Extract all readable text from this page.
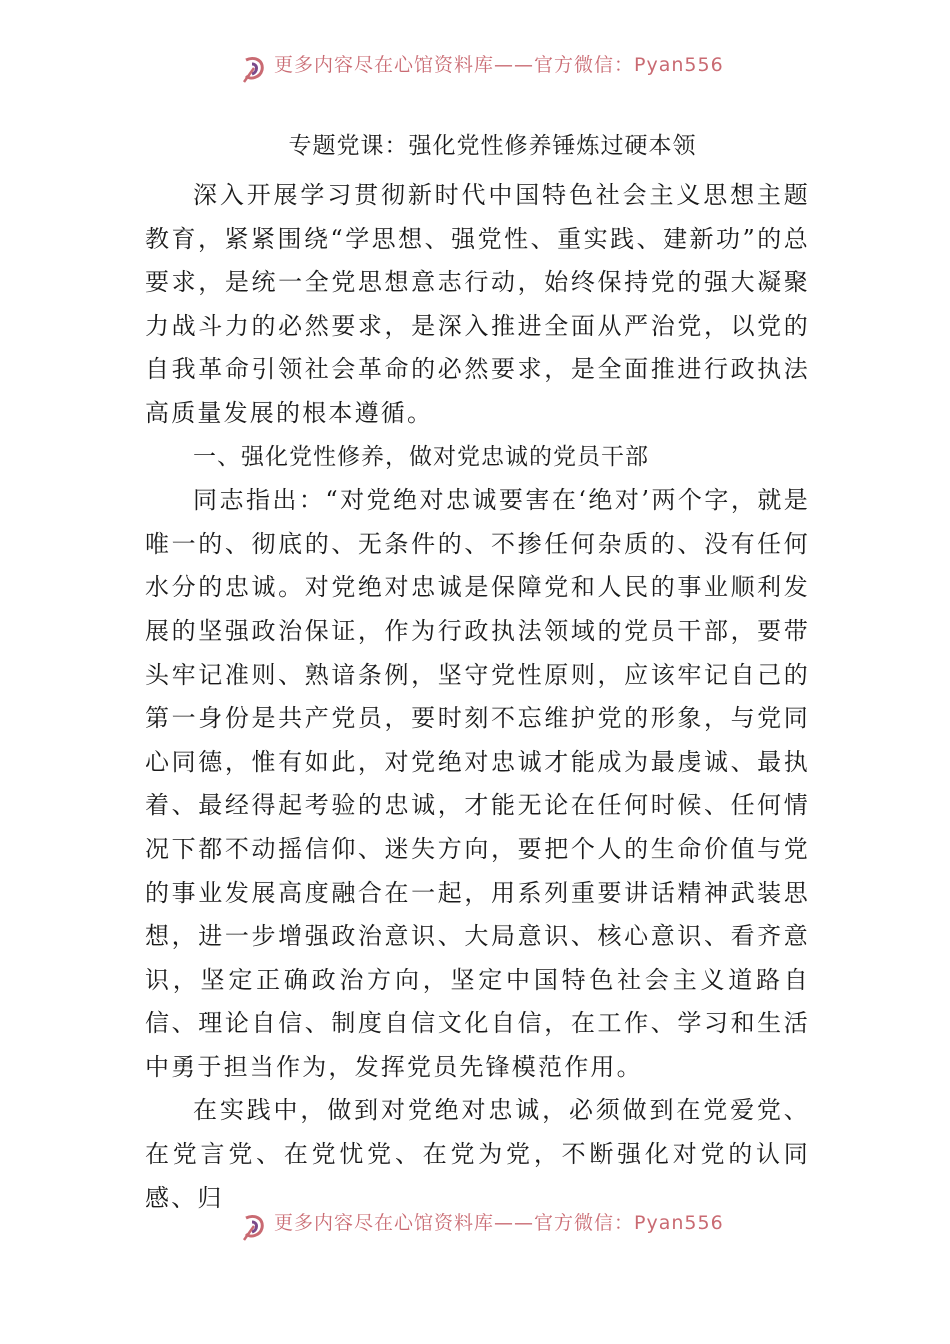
更多内容尽在心馆资料库——官方微信：Pyan556
专题党课：强化党性修养锤炼过硬本领

深入开展学习贯彻新时代中国特色社会主义思想主题教育，紧紧围绕“学思想、强党性、重实践、建新功”的总要求，是统一全党思想意志行动，始终保持党的强大凝聚力战斗力的必然要求，是深入推进全面从严治党，以党的自我革命引领社会革命的必然要求，是全面推进行政执法高质量发展的根本遵循。

一、强化党性修养，做对党忠诚的党员干部

同志指出：“对党绝对忠诚要害在‘绝对’两个字，就是唯一的、彻底的、无条件的、不掺任何杂质的、没有任何水分的忠诚。对党绝对忠诚是保障党和人民的事业顺利发展的坚强政治保证，作为行政执法领域的党员干部，要带头牢记准则、熟谙条例，坚守党性原则，应该牢记自己的第一身份是共产党员，要时刻不忘维护党的形象，与党同心同德，惟有如此，对党绝对忠诚才能成为最虔诚、最执着、最经得起考验的忠诚，才能无论在任何时候、任何情况下都不动摇信仰、迷失方向，要把个人的生命价值与党的事业发展高度融合在一起，用系列重要讲话精神武装思想，进一步增强政治意识、大局意识、核心意识、看齐意识，坚定正确政治方向，坚定中国特色社会主义道路自信、理论自信、制度自信文化自信，在工作、学习和生活中勇于担当作为，发挥党员先锋模范作用。

在实践中，做到对党绝对忠诚，必须做到在党爱党、在党言党、在党忧党、在党为党，不断强化对党的认同感、归

更多内容尽在心馆资料库——官方微信：Pyan556
